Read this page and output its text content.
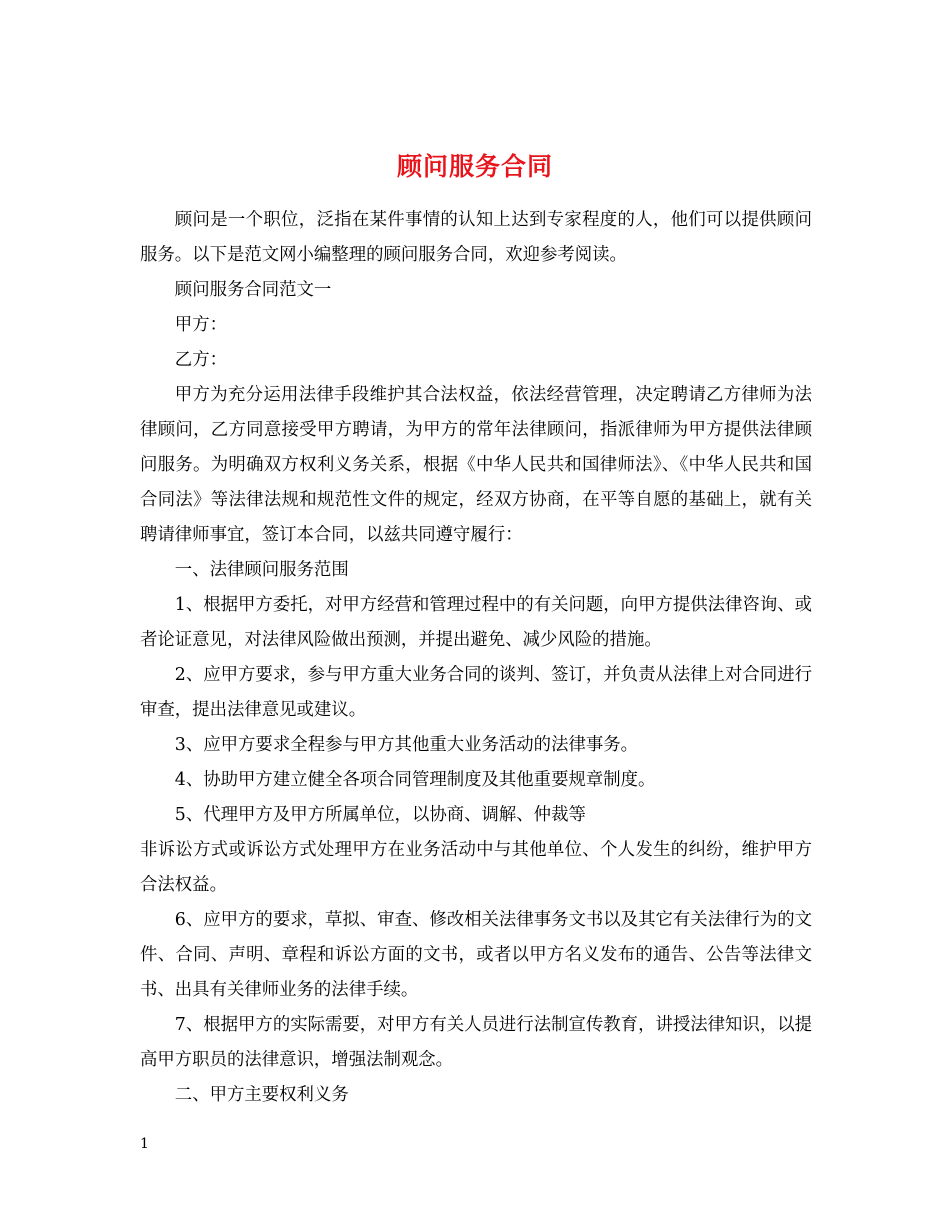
顾问服务合同

顾问是一个职位，泛指在某件事情的认知上达到专家程度的人，他们可以提供顾问服务。以下是范文网小编整理的顾问服务合同，欢迎参考阅读。

顾问服务合同范文一

甲方：

乙方：

甲方为充分运用法律手段维护其合法权益，依法经营管理，决定聘请乙方律师为法律顾问，乙方同意接受甲方聘请，为甲方的常年法律顾问，指派律师为甲方提供法律顾问服务。为明确双方权利义务关系，根据《中华人民共和国律师法》、《中华人民共和国合同法》等法律法规和规范性文件的规定，经双方协商，在平等自愿的基础上，就有关聘请律师事宜，签订本合同，以兹共同遵守履行：

一、法律顾问服务范围

1、根据甲方委托，对甲方经营和管理过程中的有关问题，向甲方提供法律咨询、或者论证意见，对法律风险做出预测，并提出避免、减少风险的措施。

2、应甲方要求，参与甲方重大业务合同的谈判、签订，并负责从法律上对合同进行审查，提出法律意见或建议。

3、应甲方要求全程参与甲方其他重大业务活动的法律事务。

4、协助甲方建立健全各项合同管理制度及其他重要规章制度。

5、代理甲方及甲方所属单位，以协商、调解、仲裁等

非诉讼方式或诉讼方式处理甲方在业务活动中与其他单位、个人发生的纠纷，维护甲方合法权益。

6、应甲方的要求，草拟、审查、修改相关法律事务文书以及其它有关法律行为的文件、合同、声明、章程和诉讼方面的文书，或者以甲方名义发布的通告、公告等法律文书、出具有关律师业务的法律手续。

7、根据甲方的实际需要，对甲方有关人员进行法制宣传教育，讲授法律知识，以提高甲方职员的法律意识，增强法制观念。

二、甲方主要权利义务

1
